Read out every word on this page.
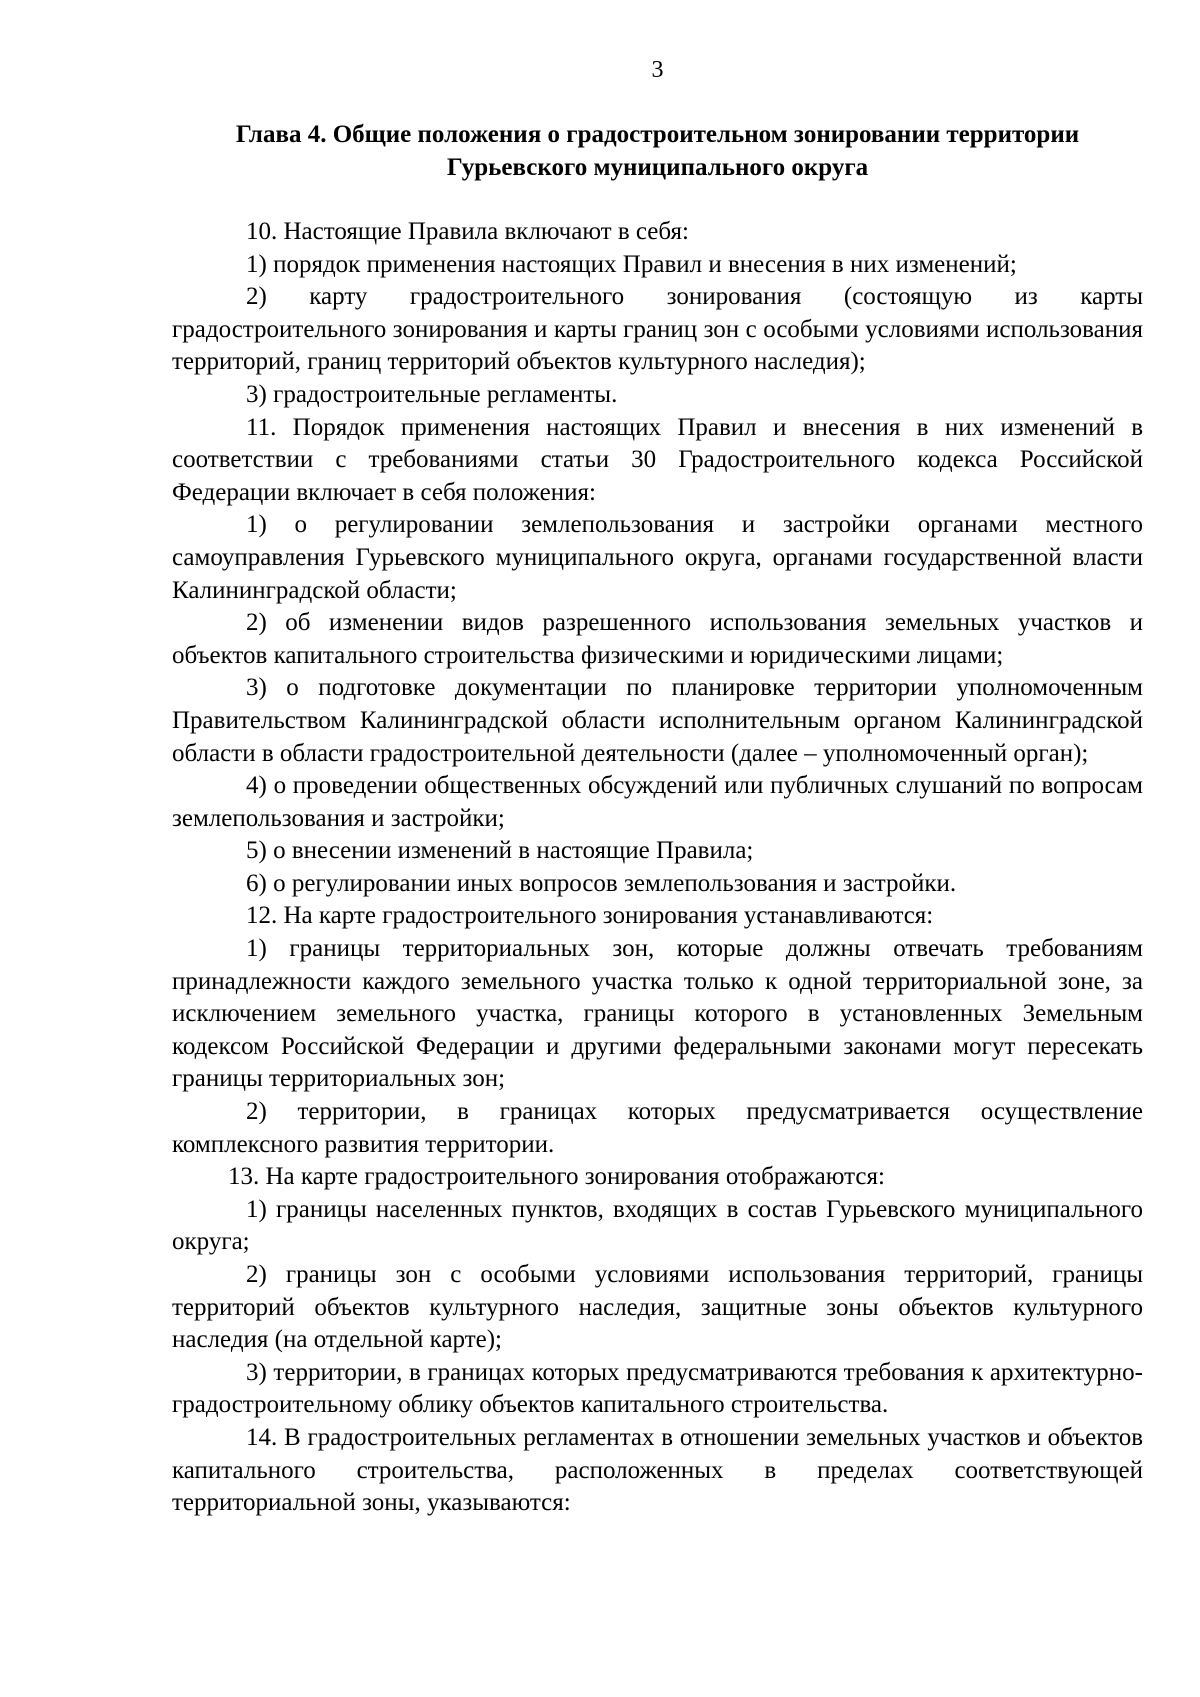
3
Глава 4. Общие положения о градостроительном зонировании территории
Гурьевского муниципального округа

10. Настоящие Правила включают в себя:

1) порядок применения настоящих Правил и внесения в них изменений;

2) карту градостроительного зонирования (состоящую из карты градостроительного зонирования и карты границ зон с особыми условиями использования территорий, границ территорий объектов культурного наследия);

3) градостроительные регламенты.

11. Порядок применения настоящих Правил и внесения в них изменений в соответствии с требованиями статьи 30 Градостроительного кодекса Российской Федерации включает в себя положения:

1) о регулировании землепользования и застройки органами местного самоуправления Гурьевского муниципального округа, органами государственной власти Калининградской области;

2) об изменении видов разрешенного использования земельных участков и объектов капитального строительства физическими и юридическими лицами;

3) о подготовке документации по планировке территории уполномоченным Правительством Калининградской области исполнительным органом Калининградской области в области градостроительной деятельности (далее – уполномоченный орган);

4) о проведении общественных обсуждений или публичных слушаний по вопросам землепользования и застройки;

5) о внесении изменений в настоящие Правила;

6) о регулировании иных вопросов землепользования и застройки.

12. На карте градостроительного зонирования устанавливаются:

1) границы территориальных зон, которые должны отвечать требованиям принадлежности каждого земельного участка только к одной территориальной зоне, за исключением земельного участка, границы которого в установленных Земельным кодексом Российской Федерации и другими федеральными законами могут пересекать границы территориальных зон;

2) территории, в границах которых предусматривается осуществление комплексного развития территории.

13. На карте градостроительного зонирования отображаются:

1) границы населенных пунктов, входящих в состав Гурьевского муниципального округа;

2) границы зон с особыми условиями использования территорий, границы территорий объектов культурного наследия, защитные зоны объектов культурного наследия (на отдельной карте);

3) территории, в границах которых предусматриваются требования к архитектурно-градостроительному облику объектов капитального строительства.

14. В градостроительных регламентах в отношении земельных участков и объектов капитального строительства, расположенных в пределах соответствующей территориальной зоны, указываются:
